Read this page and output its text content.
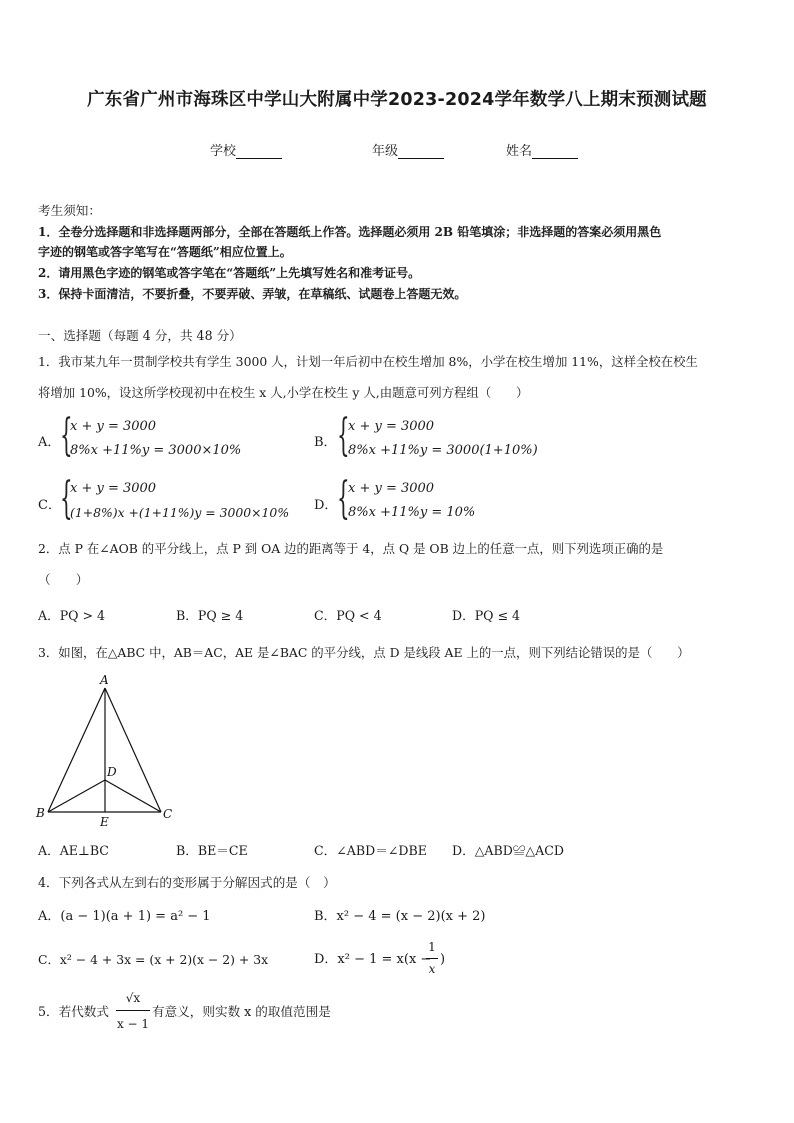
广东省广州市海珠区中学山大附属中学2023-2024学年数学八上期末预测试题
学校	年级	姓名
考生须知：
1．全卷分选择题和非选择题两部分，全部在答题纸上作答。选择题必须用 2B 铅笔填涂；非选择题的答案必须用黑色
字迹的钢笔或答字笔写在“答题纸”相应位置上。
2．请用黑色字迹的钢笔或答字笔在“答题纸”上先填写姓名和准考证号。
3．保持卡面清洁，不要折叠，不要弄破、弄皱，在草稿纸、试题卷上答题无效。
一、选择题（每题 4 分，共 48 分）
1．我市某九年一贯制学校共有学生 3000 人，计划一年后初中在校生增加 8%，小学在校生增加 11%，这样全校在校生
将增加 10%，设这所学校现初中在校生 x 人,小学在校生 y 人,由题意可列方程组（　　）
A． {
x + y = 3000
8%x +11%y = 3000×10%
B． {
x + y = 3000
8%x +11%y = 3000(1+10%)
C． {
x + y = 3000
(1+8%)x +(1+11%)y = 3000×10% D． {
x + y = 3000
8%x +11%y = 10%
2．点 P 在∠AOB 的平分线上，点 P 到 OA 边的距离等于 4，点 Q 是 OB 边上的任意一点，则下列选项正确的是
（　　）
A．PQ > 4	B．PQ ≥ 4	C．PQ < 4	D．PQ ≤ 4
3．如图，在△ABC 中，AB＝AC，AE 是∠BAC 的平分线，点 D 是线段 AE 上的一点，则下列结论错误的是（　　）
A
B	C
D
E
A．AE⊥BC	B．BE＝CE	C．∠ABD＝∠DBE D．△ABD≌△ACD
4．下列各式从左到右的变形属于分解因式的是（　）
A．(a − 1)(a + 1) = a² − 1	B．x² − 4 = (x − 2)(x + 2)
C．x² − 4 + 3x = (x + 2)(x − 2) + 3x	D．x² − 1 = x(x −
1
x
)
5．若代数式
√x
x − 1
有意义，则实数 x 的取值范围是
